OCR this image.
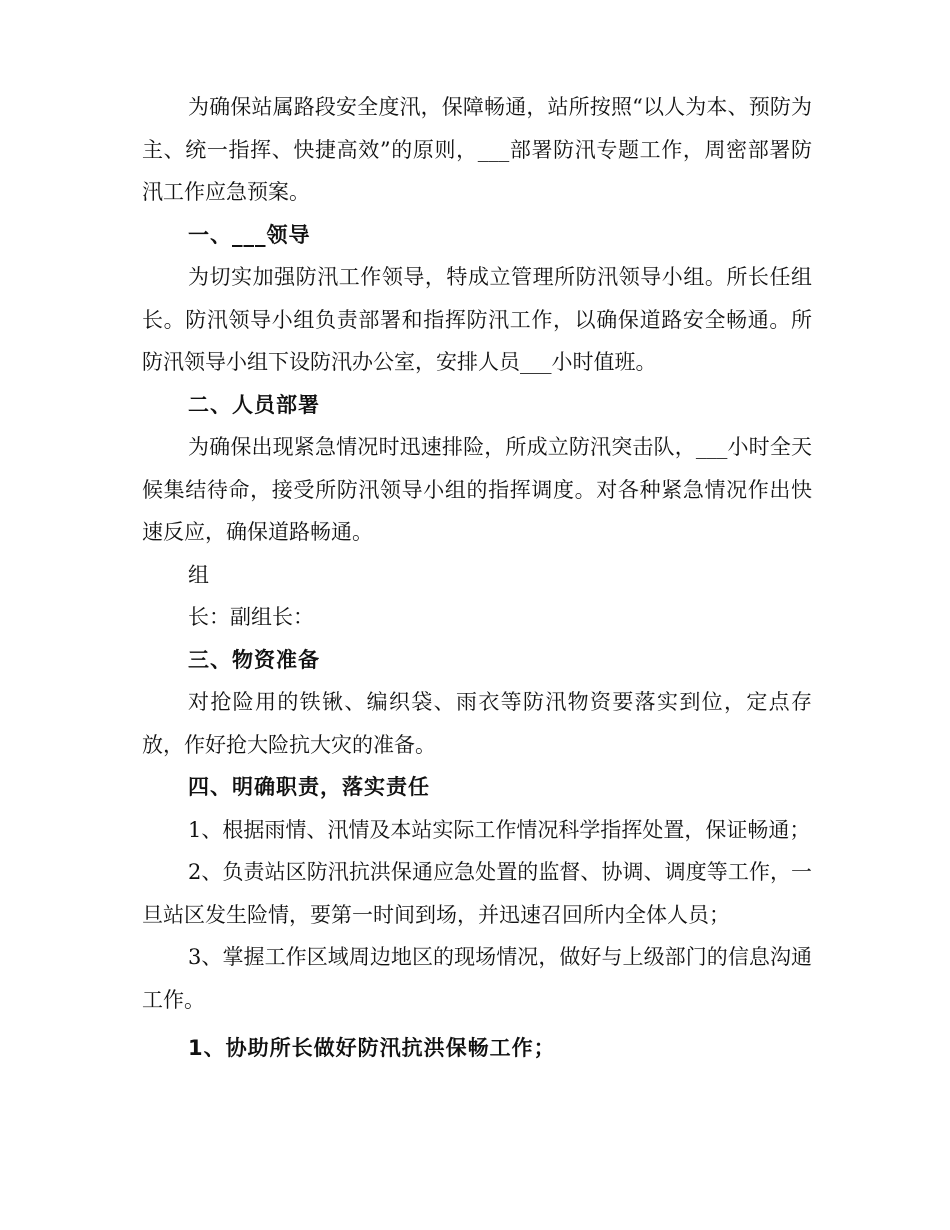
为确保站属路段安全度汛，保障畅通，站所按照“以人为本、预防为主、统一指挥、快捷高效”的原则，___部署防汛专题工作，周密部署防汛工作应急预案。

一、___领导

为切实加强防汛工作领导，特成立管理所防汛领导小组。所长任组长。防汛领导小组负责部署和指挥防汛工作，以确保道路安全畅通。所防汛领导小组下设防汛办公室，安排人员___小时值班。

二、人员部署

为确保出现紧急情况时迅速排险，所成立防汛突击队，___小时全天候集结待命，接受所防汛领导小组的指挥调度。对各种紧急情况作出快速反应，确保道路畅通。

组

长：副组长：

三、物资准备

对抢险用的铁锹、编织袋、雨衣等防汛物资要落实到位，定点存放，作好抢大险抗大灾的准备。

四、明确职责，落实责任

1、根据雨情、汛情及本站实际工作情况科学指挥处置，保证畅通；

2、负责站区防汛抗洪保通应急处置的监督、协调、调度等工作，一旦站区发生险情，要第一时间到场，并迅速召回所内全体人员；

3、掌握工作区域周边地区的现场情况，做好与上级部门的信息沟通工作。

1、协助所长做好防汛抗洪保畅工作；
